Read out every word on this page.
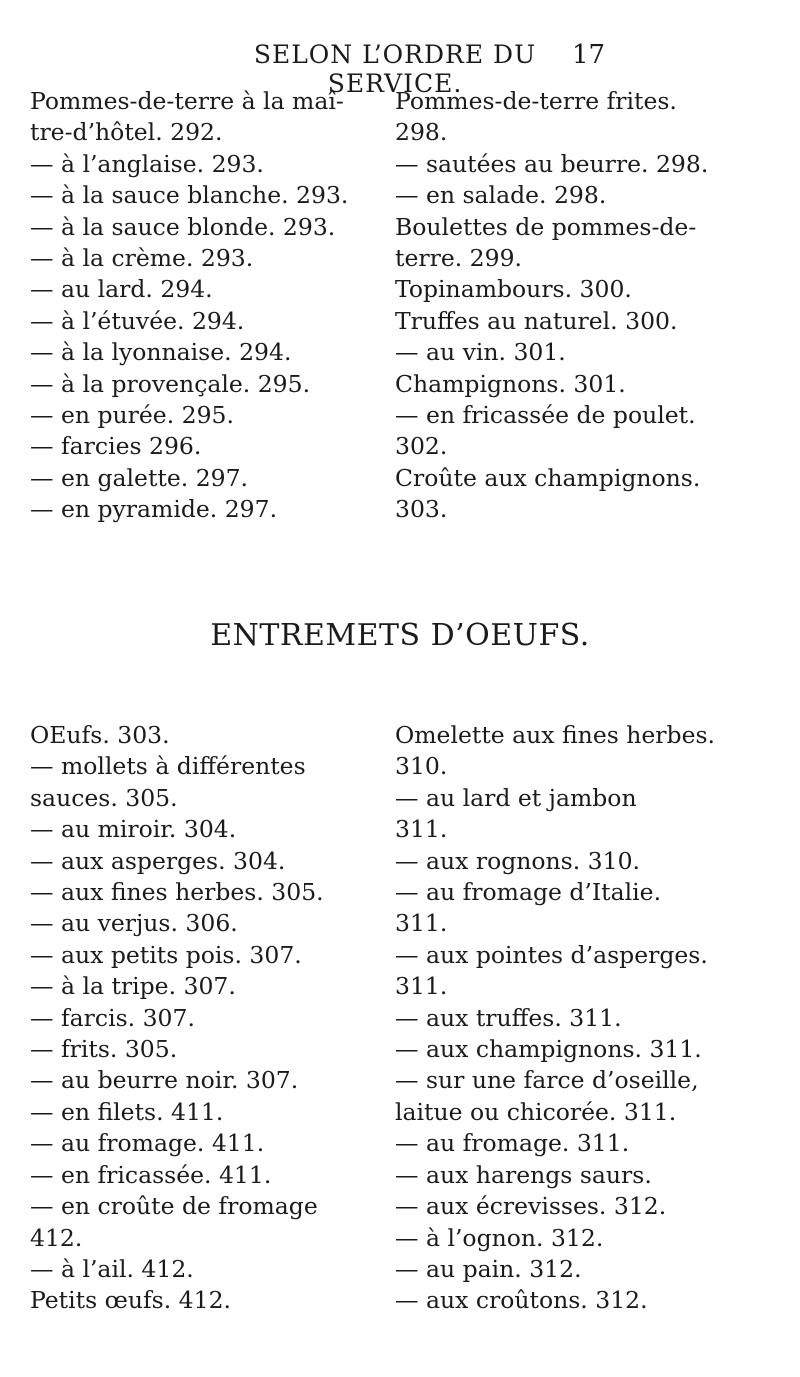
SELON L’ORDRE DU SERVICE.
17

Pommes-de-terre à la maî-

tre-d’hôtel. 292.

— à l’anglaise. 293.

— à la sauce blanche. 293.

— à la sauce blonde. 293.

— à la crème. 293.

— au lard. 294.

— à l’étuvée. 294.

— à la lyonnaise. 294.

— à la provençale. 295.

— en purée. 295.

— farcies 296.

— en galette. 297.

— en pyramide. 297.

Pommes-de-terre frites.

298.

— sautées au beurre. 298.

— en salade. 298.

Boulettes de pommes-de-

terre. 299.

Topinambours. 300.

Truffes au naturel. 300.

— au vin. 301.

Champignons. 301.

— en fricassée de poulet.

302.

Croûte aux champignons.

303.

ENTREMETS D’OEUFS.

OEufs. 303.

— mollets à différentes

sauces. 305.

— au miroir. 304.

— aux asperges. 304.

— aux fines herbes. 305.

— au verjus. 306.

— aux petits pois. 307.

— à la tripe. 307.

— farcis. 307.

— frits. 305.

— au beurre noir. 307.

— en filets. 411.

— au fromage. 411.

— en fricassée. 411.

— en croûte de fromage

412.

— à l’ail. 412.

Petits œufs. 412.

Omelette aux fines herbes.

310.

— au lard et jambon

311.

— aux rognons. 310.

— au fromage d’Italie.

311.

— aux pointes d’asperges.

311.

— aux truffes. 311.

— aux champignons. 311.

— sur une farce d’oseille,

laitue ou chicorée. 311.

— au fromage. 311.

— aux harengs saurs.

— aux écrevisses. 312.

— à l’ognon. 312.

— au pain. 312.

— aux croûtons. 312.
